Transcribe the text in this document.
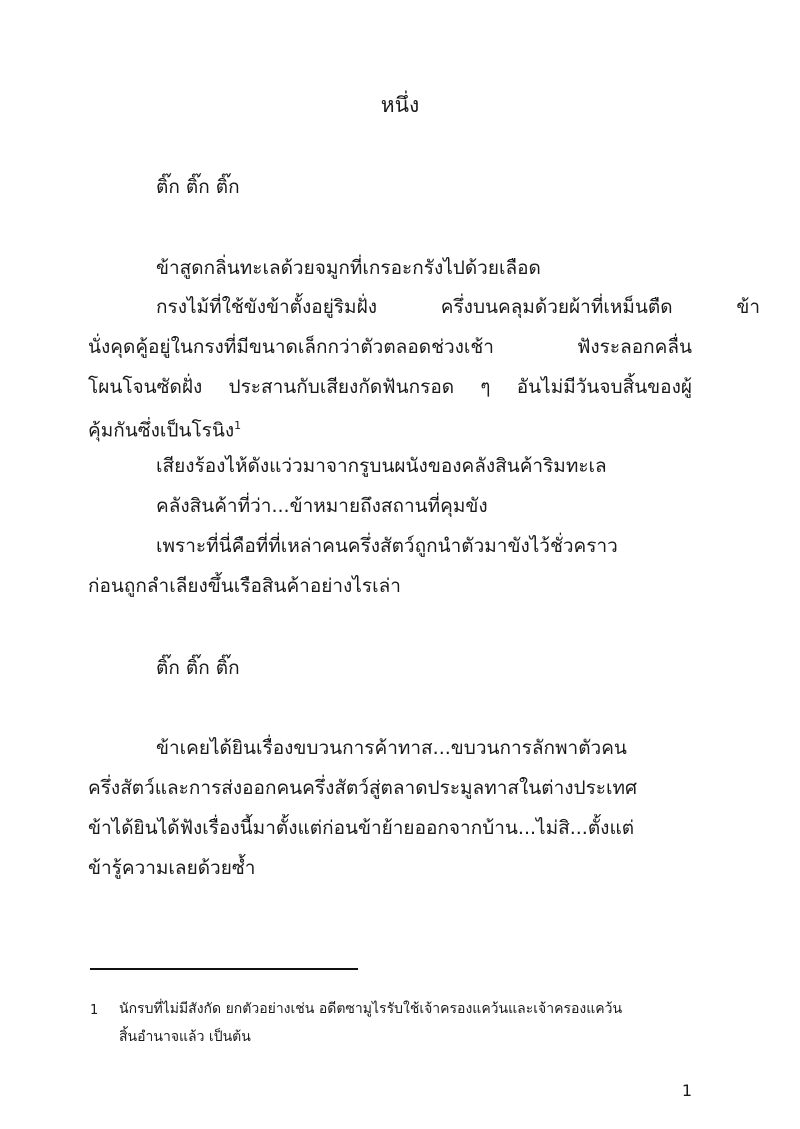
หนึ่ง
ติ๊ก ติ๊ก ติ๊ก
ข้าสูดกลิ่นทะเลด้วยจมูกที่เกรอะกรังไปด้วยเลือด
กรงไม้ที่ใช้ขังข้าตั้งอยู่ริมฝั่ง ครึ่งบนคลุมด้วยผ้าที่เหม็นตืด ข้า
นั่งคุดคู้อยู่ในกรงที่มีขนาดเล็กกว่าตัวตลอดช่วงเช้า ฟังระลอกคลื่น
โผนโจนซัดฝั่ง ประสานกับเสียงกัดฟันกรอด ๆ อันไม่มีวันจบสิ้นของผู้
คุ้มกันซึ่งเป็นโรนิง$^1$
เสียงร้องไห้ดังแว่วมาจากรูบนผนังของคลังสินค้าริมทะเล
คลังสินค้าที่ว่า...ข้าหมายถึงสถานที่คุมขัง
เพราะที่นี่คือที่ที่เหล่าคนครึ่งสัตว์ถูกนำตัวมาขังไว้ชั่วคราว
ก่อนถูกลำเลียงขึ้นเรือสินค้าอย่างไรเล่า
ติ๊ก ติ๊ก ติ๊ก
ข้าเคยได้ยินเรื่องขบวนการค้าทาส...ขบวนการลักพาตัวคน
ครึ่งสัตว์และการส่งออกคนครึ่งสัตว์สู่ตลาดประมูลทาสในต่างประเทศ
ข้าได้ยินได้ฟังเรื่องนี้มาตั้งแต่ก่อนข้าย้ายออกจากบ้าน...ไม่สิ...ตั้งแต่
ข้ารู้ความเลยด้วยซ้ำ
1 นักรบที่ไม่มีสังกัด ยกตัวอย่างเช่น อดีตซามูไรรับใช้เจ้าครองแคว้นและเจ้าครองแคว้น
สิ้นอำนาจแล้ว เป็นต้น
1
